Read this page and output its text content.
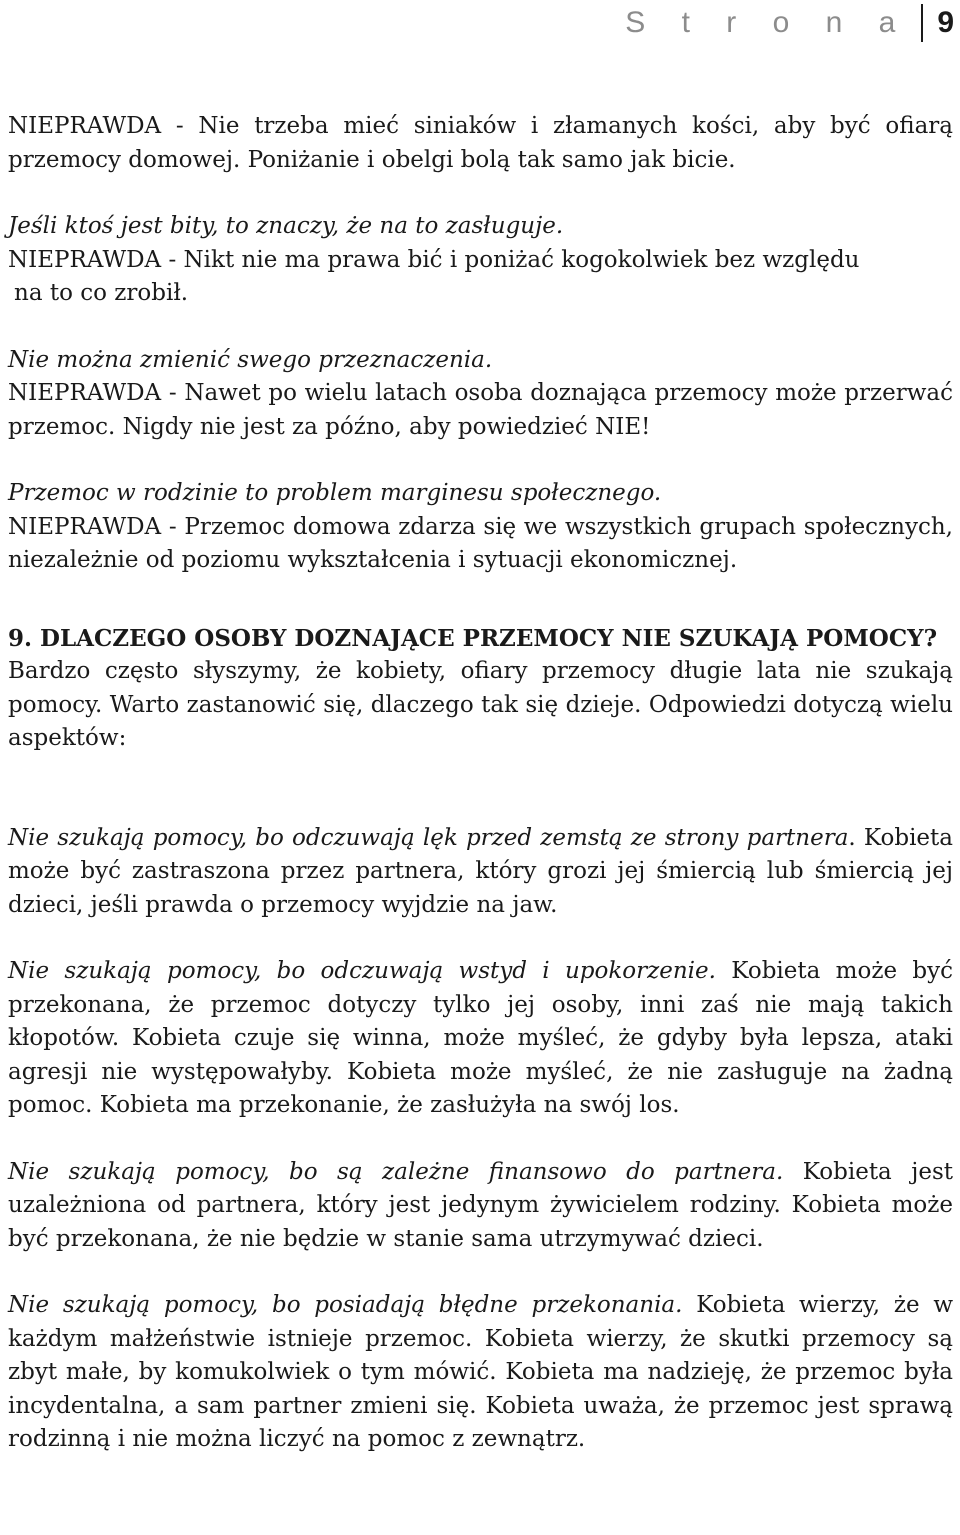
S t r o n a 9

NIEPRAWDA - Nie trzeba mieć siniaków i złamanych kości, aby być ofiarą przemocy domowej. Poniżanie i obelgi bolą tak samo jak bicie.

Jeśli ktoś jest bity, to znaczy, że na to zasługuje.
NIEPRAWDA - Nikt nie ma prawa bić i poniżać kogokolwiek bez względu
na to co zrobił.

Nie można zmienić swego przeznaczenia.
NIEPRAWDA - Nawet po wielu latach osoba doznająca przemocy może przerwać przemoc. Nigdy nie jest za późno, aby powiedzieć NIE!

Przemoc w rodzinie to problem marginesu społecznego.
NIEPRAWDA - Przemoc domowa zdarza się we wszystkich grupach społecznych, niezależnie od poziomu wykształcenia i sytuacji ekonomicznej.

9. DLACZEGO OSOBY DOZNAJĄCE PRZEMOCY NIE SZUKAJĄ POMOCY?
Bardzo często słyszymy, że kobiety, ofiary przemocy długie lata nie szukają pomocy. Warto zastanowić się, dlaczego tak się dzieje. Odpowiedzi dotyczą wielu aspektów:

Nie szukają pomocy, bo odczuwają lęk przed zemstą ze strony partnera. Kobieta może być zastraszona przez partnera, który grozi jej śmiercią lub śmiercią jej dzieci, jeśli prawda o przemocy wyjdzie na jaw.

Nie szukają pomocy, bo odczuwają wstyd i upokorzenie. Kobieta może być przekonana, że przemoc dotyczy tylko jej osoby, inni zaś nie mają takich kłopotów. Kobieta czuje się winna, może myśleć, że gdyby była lepsza, ataki agresji nie występowałyby. Kobieta może myśleć, że nie zasługuje na żadną pomoc. Kobieta ma przekonanie, że zasłużyła na swój los.

Nie szukają pomocy, bo są zależne finansowo do partnera. Kobieta jest uzależniona od partnera, który jest jedynym żywicielem rodziny. Kobieta może być przekonana, że nie będzie w stanie sama utrzymywać dzieci.

Nie szukają pomocy, bo posiadają błędne przekonania. Kobieta wierzy, że w każdym małżeństwie istnieje przemoc. Kobieta wierzy, że skutki przemocy są zbyt małe, by komukolwiek o tym mówić. Kobieta ma nadzieję, że przemoc była incydentalna, a sam partner zmieni się. Kobieta uważa, że przemoc jest sprawą rodzinną i nie można liczyć na pomoc z zewnątrz.
